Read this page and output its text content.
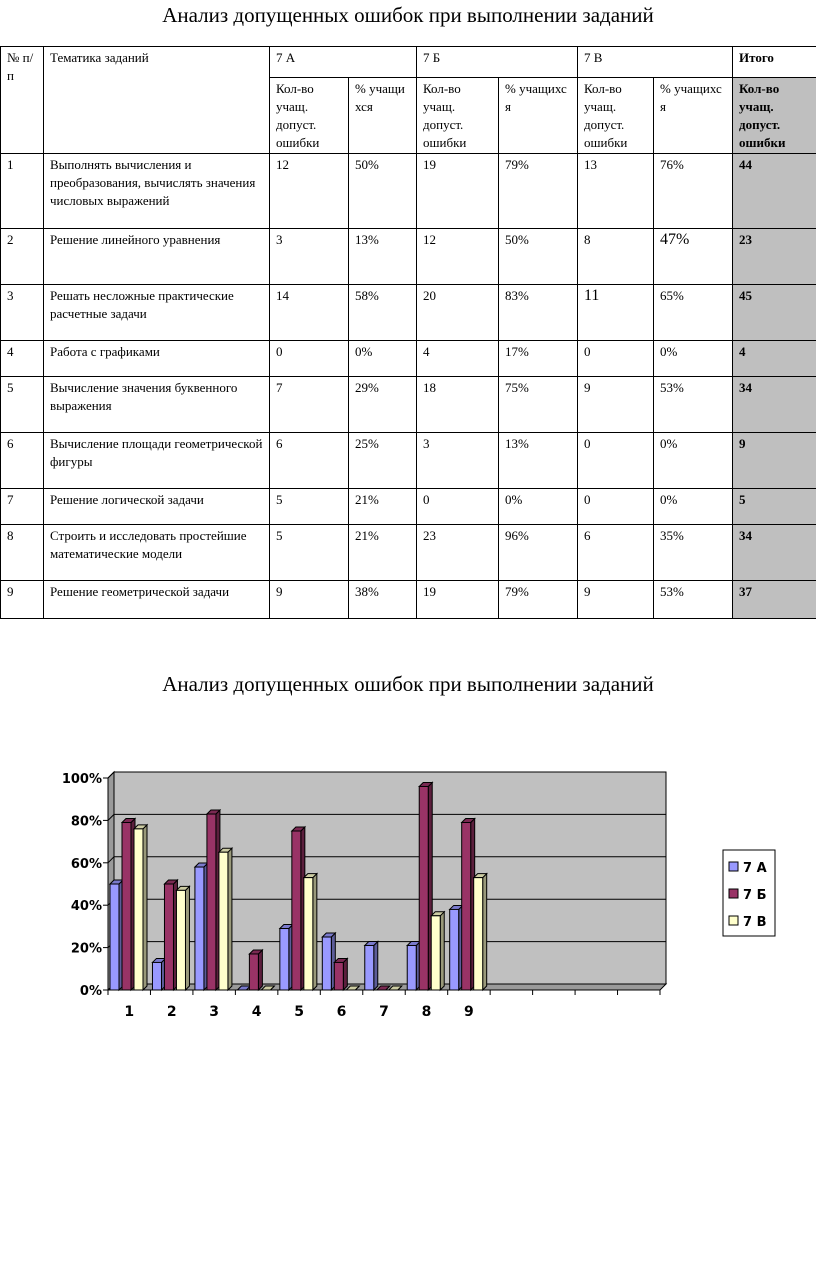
Анализ допущенных ошибок при выполнении заданий
№ п/п	Тематика заданий	7 А		7 Б		7 В		Итого
		Кол-во учащ. допуст. ошибки	% учащи хся	Кол-во учащ. допуст. ошибки	% учащихс я	Кол-во учащ. допуст. ошибки	% учащихс я	Кол-во учащ. допуст. ошибки
1	Выполнять вычисления и преобразования, вычислять значения числовых выражений	12	50%	19	79%	13	76%	44
2	Решение линейного уравнения	3	13%	12	50%	8	47%	23
3	Решать несложные практические расчетные задачи	14	58%	20	83%	11	65%	45
4	Работа с графиками	0	0%	4	17%	0	0%	4
5	Вычисление значения буквенного выражения	7	29%	18	75%	9	53%	34
6	Вычисление площади геометрической фигуры	6	25%	3	13%	0	0%	9
7	Решение логической задачи	5	21%	0	0%	0	0%	5
8	Строить и исследовать простейшие математические модели	5	21%	23	96%	6	35%	34
9	Решение геометрической задачи	9	38%	19	79%	9	53%	37
Анализ допущенных ошибок при выполнении заданий
0%
20%
40%
60%
80%
100%
1 2 3 4 5 6 7 8 9
7 А
7 Б
7 В
